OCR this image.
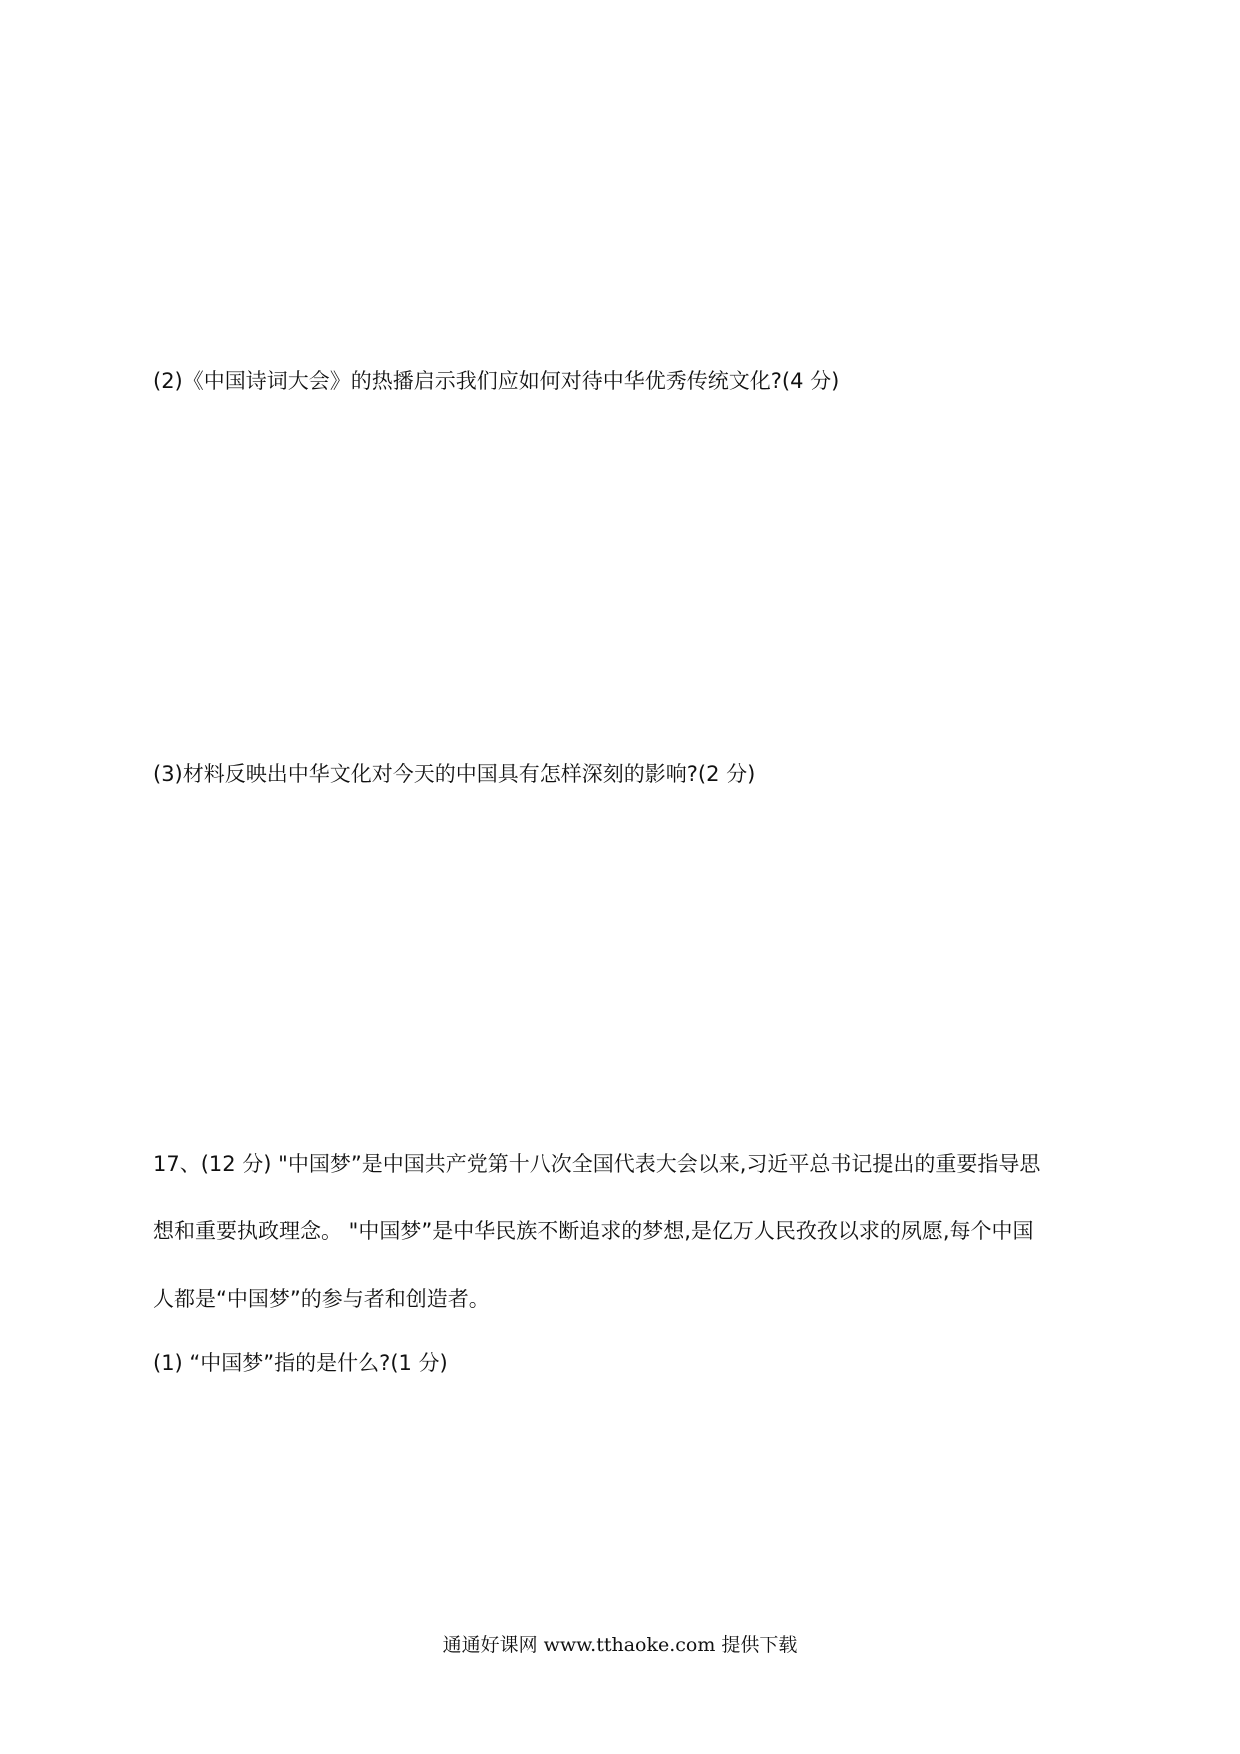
(2)《中国诗词大会》的热播启示我们应如何对待中华优秀传统文化?(4 分)
(3)材料反映出中华文化对今天的中国具有怎样深刻的影响?(2 分)
17、(12 分) "中国梦”是中国共产党第十八次全国代表大会以来,习近平总书记提出的重要指导思
想和重要执政理念。 "中国梦”是中华民族不断追求的梦想,是亿万人民孜孜以求的夙愿,每个中国
人都是“中国梦”的参与者和创造者。
(1) “中国梦”指的是什么?(1 分)
通通好课网 www.tthaoke.com 提供下载
